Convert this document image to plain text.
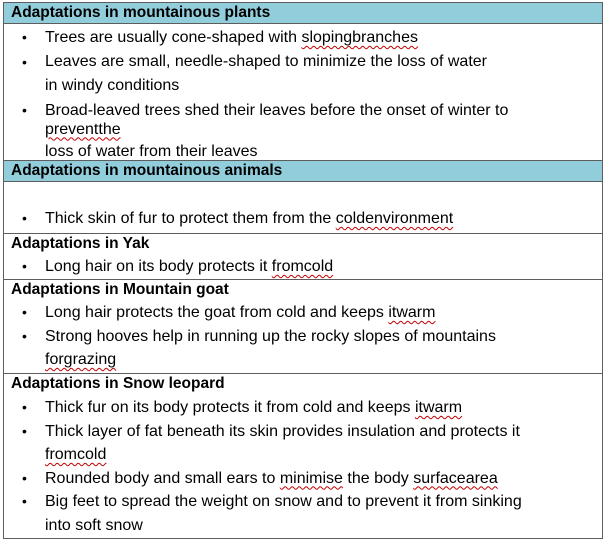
Adaptations in mountainous plants
• Trees are usually cone-shaped with slopingbranches
• Leaves are small, needle-shaped to minimize the loss of water
in windy conditions
• Broad-leaved trees shed their leaves before the onset of winter to
preventthe
loss of water from their leaves
Adaptations in mountainous animals
• Thick skin of fur to protect them from the coldenvironment
Adaptations in Yak
• Long hair on its body protects it fromcold
Adaptations in Mountain goat
• Long hair protects the goat from cold and keeps itwarm
• Strong hooves help in running up the rocky slopes of mountains
forgrazing
Adaptations in Snow leopard
• Thick fur on its body protects it from cold and keeps itwarm
• Thick layer of fat beneath its skin provides insulation and protects it
fromcold
• Rounded body and small ears to minimise the body surfacearea
• Big feet to spread the weight on snow and to prevent it from sinking
into soft snow
